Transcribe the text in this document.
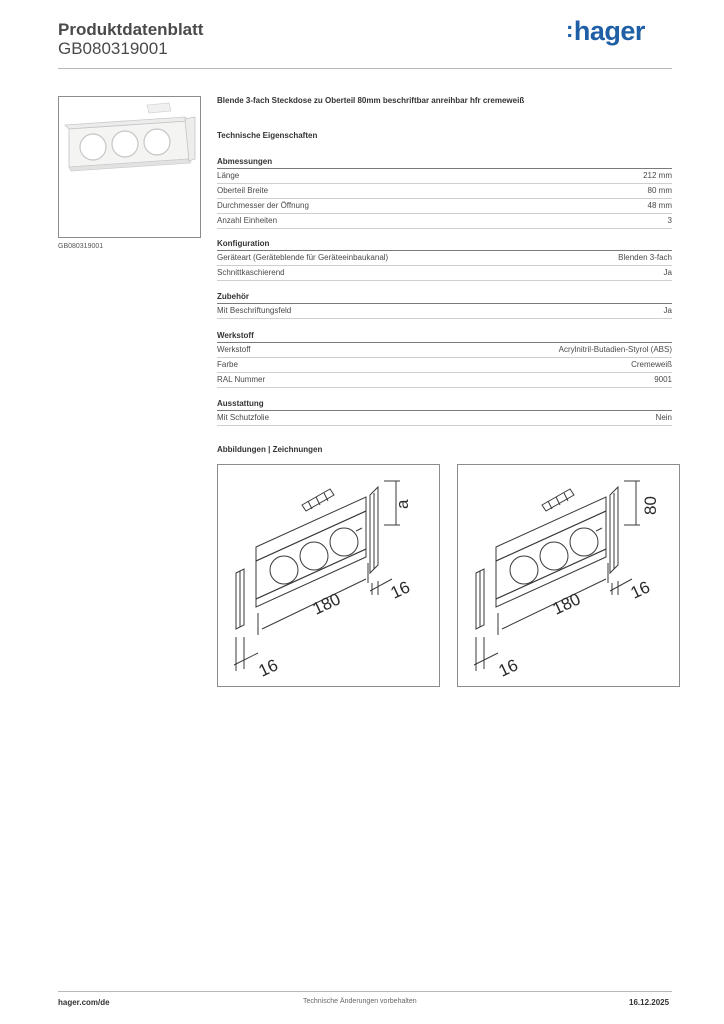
Produktdatenblatt
GB080319001
:hager
GB080319001
Blende 3-fach Steckdose zu Oberteil 80mm beschriftbar anreihbar hfr cremeweiß
Technische Eigenschaften
Abmessungen
Länge	212 mm
Oberteil Breite	80 mm
Durchmesser der Öffnung	48 mm
Anzahl Einheiten	3
Konfiguration
Geräteart (Geräteblende für Geräteeinbaukanal)	Blenden 3-fach
Schnittkaschierend	Ja
Zubehör
Mit Beschriftungsfeld	Ja
Werkstoff
Werkstoff	Acrylnitril-Butadien-Styrol (ABS)
Farbe	Cremeweiß
RAL Nummer	9001
Ausstattung
Mit Schutzfolie	Nein
Abbildungen | Zeichnungen
180
a
16
16
180
80
16
16
hager.com/de	Technische Änderungen vorbehalten	16.12.2025
